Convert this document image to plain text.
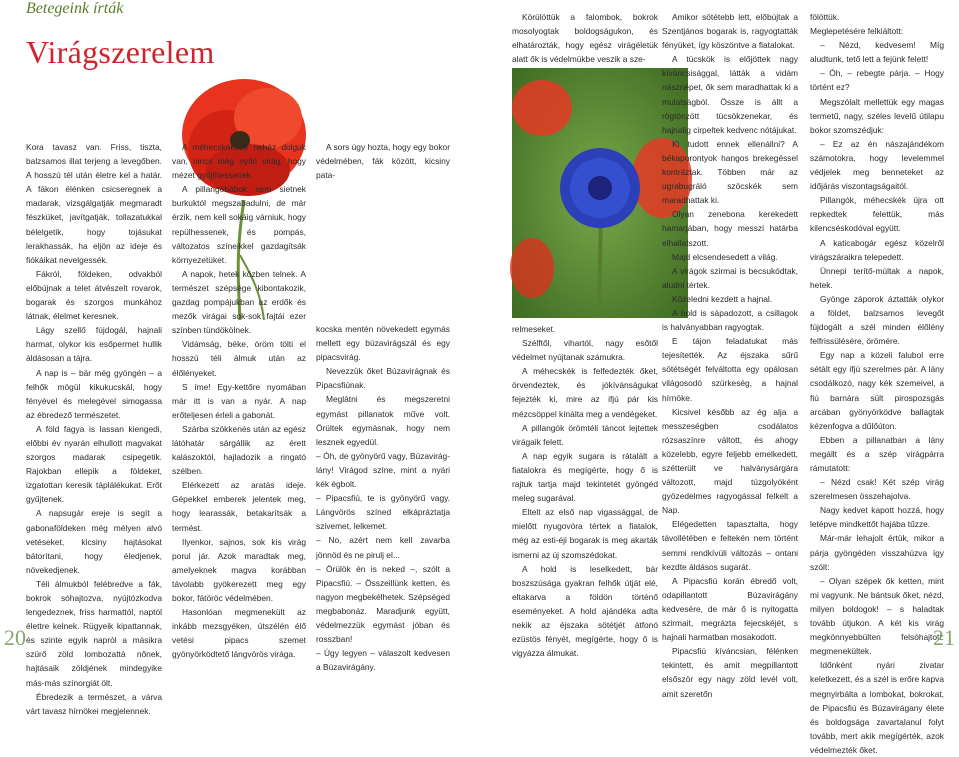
Betegeink írták
Virágszerelem

Kora tavasz van. Friss, tiszta, balzsamos illat terjeng a levegőben. A hosszú tél után életre kel a határ. A fákon élénken csicseregnek a madarak, vizsgálgatják megmaradt fészküket, javítgatják, tollazatukkal bélelgetik, hogy tojásukat lerakhassák, ha eljön az ideje és fiókáikat nevelgessék.

Fákról, földeken, odvakból előbújnak a telet átvészelt rovarok, bogarak és szorgos munkához látnak, élelmet keresnek.

Lágy szellő fújdogál, hajnali harmat, olykor kis esőpermet hullik áldásosan a tájra.

A nap is – bár még gyöngén – a felhők mögül kikukucskál, hogy fényével és melegével simogassa az ébredező természetet.

A föld fagya is lassan kiengedi, előbbi év nyarán elhullott magvakat szorgos madarak csipegetik. Rajokban ellepik a földeket, izgatottan keresik táplálékukat. Erőt gyűjtenek.

A napsugár ereje is segít a gabonaföldeken még mélyen alvó vetéseket, kicsiny hajtásokat bátorítani, hogy éledjenek, növekedjenek.

Téli álmukból felébredve a fák, bokrok sóhajtozva, nyújtózkodva lengedeznek, friss harmattól, naptól élettre kelnek. Rügyeik kipattannak, és szinte egyik napról a másikra szürő zöld lombozattá nőnek, hajtásaik zöldjének mindegyike más-más színorgiát ölt.

Ébredezik a természet, a várva várt tavasz hírnökei megjelennek.

A méhecskéknek nehéz dolguk van, nincs még nyíló virág, hogy mézet gyűjthessenek.

A pillangóbábok sem sietnek burkuktól megszabadulni, de már érzik, nem kell sokáig várniuk, hogy repülhessenek, és pompás, változatos színeikkel gazdagítsák környezetüket.

A napok, hetek közben telnek. A természet szépsége kibontakozik, gazdag pompájukban az erdők és mezők virágai sok-sok fajtái ezer színben tündökölnek.

Vidámság, béke, öröm tölti el hosszú téli álmuk után az élőlényeket.

S íme! Egy-kettőre nyomában már itt is van a nyár. A nap erőteljesen érleli a gabonát.

Szárba szökkenés után az egész látóhatár sárgállik az érett kalászoktól, hajladozik a ringató szélben.

Elérkezett az aratás ideje. Gépekkel emberek jelentek meg, hogy learassák, betakarítsák a termést.

Ilyenkor, sajnos, sok kis virág porul jár. Azok maradtak meg, amelyeknek magva korábban távolabb gyökerezett meg egy bokor, fátöröc védelmében.

Hasonlóan megmenekült az inkább mezsgyéken, útszélén élő vetési pipacs szemet gyönyörködtető lángvörös virága.

A sors úgy hozta, hogy egy bokor védelmében, fák között, kicsiny pata-

kocska mentén növekedett egymás mellett egy búzavirágszál és egy pipacsvirág.

Nevezzük őket Búzavirágnak és Pipacsfiúnak.

Meglátni és megszeretni egymást pillanatok műve volt. Örültek egymásnak, hogy nem lesznek egyedül.

– Óh, de gyönyörű vagy, Búzaviráglány! Virágod színe, mint a nyári kék égbolt.

– Pipacsfiú, te is gyönyörű vagy. Lángvörös színed elkápráztatja szivemet, lelkemet.

– No, azért nem kell zavarba jönnöd és ne pirulj el...

– Örülök én is neked –, szólt a Pipacsfiú. – Összeillünk ketten, és nagyon megbekélhetek. Szépséged megbabonáz. Maradjunk együtt, védelmezzük egymást jóban és rosszban!

– Úgy legyen – válaszolt kedvesen a Búzavirágány.

20

Körülöttük a falombok, bokrok mosolyogtak boldogságukon, és elhatározták, hogy egész virágéletük alatt ők is védelmükbe veszik a sze-

relmeseket.

Szélftől, vihartól, nagy esőtől védelmet nyújtanak számukra.

A méhecskék is felfedezték őket, örvendeztek, és jókívánságukat fejezték ki, mire az ifjú pár kis mézcsöppel kínálta meg a vendégeket.

A pillangók örömtéli táncot lejtettek virágaik felett.

A nap egyik sugara is rátalált a fiatalokra és megígérte, hogy ő is rajtuk tartja majd tekintetét gyöngéd meleg sugarával.

Eltelt az első nap vigassággal, de mielőtt nyugovóra tértek a fiatalok, még az esti-éji bogarak is meg akarták ismerni az új szomszédokat.

A hold is leselkedett, bár boszszúsága gyakran felhők útját elé, eltakarva a földön történő eseményeket. A hold ajándéka adta nekik az éjszaka sötétjét átfonó ezüstös fényét, megígérte, hogy ő is vigyázza álmukat.

Amikor sötétebb lett, előbújtak a Szentjános bogarak is, ragyogtatták fényüket, így köszöntve a fiatalokat.

A tücskök is előjöttek nagy kíváncsisággal, látták a vidám násznépet, ők sem maradhattak ki a mulatságból. Össze is állt a rögtönzött tücsökzenekar, és hajnalig cirpeltek kedvenc nótájukat.

Ki tudott ennek ellenállni? A békaporontyok hangos brekegéssel kontráztak. Többen már az ugrabugráló szöcskék sem maradhattak ki.

Olyan zenebona kerekedett hamarjában, hogy messzi határba elhallatszott.

Majd elcsendesedett a világ.

A virágok szirmai is becsukódtak, aludni tértek.

Közeledni kezdett a hajnal.

A hold is sápadozott, a csillagok is halványabban ragyogtak.

E tájon feladatukat más tejesítették. Az éjszaka sűrű sötétségét felváltotta egy opálosan világosodó szürkeség, a hajnal hírnöke.

Kicsivel később az ég alja a messzeségben csodálatos rózsaszínre váltott, és ahogy közelebb, egyre feljebb emelkedett, szétterült ve halványsárgára változott, majd túzgolyóként gyözedelmes ragyogással felkelt a Nap.

Elégedetten tapasztalta, hogy távollétében e feltekén nem történt semmi rendkívüli változás – ontani kezdte áldásos sugarát.

A Pipacsfiú korán ébredő volt, odapillantott Búzavirágány kedvesére, de már ő is nyitogatta szirmait, megrázta fejecskéjét, s hajnali harmatban mosakodott.

Pipacsfiú kíváncsian, félénken tekintett, és amit megpillantott elsőször egy nagy zöld levél volt, amit szeretőn

fölöttük.

Meglepetésére felkiáltott:

– Nézd, kedvesem! Míg aludtunk, tető lett a fejünk felett!

– Óh, – rebegte párja. – Hogy történt ez?

Megszólalt mellettük egy magas termetű, nagy, széles levelű útilapu bokor szomszédjuk:

– Ez az én nászajándékom számotokra, hogy levelemmel védjelek meg benneteket az időjárás viszontagságaitól.

Pillangók, méhecskék újra ott repkedtek felettük, más kilencséskodóval együtt.

A katicabogár egész közelről virágszáraikra telepedett.

Ünnepi terítő-múltak a napok, hetek.

Gyönge záporok áztatták olykor a földet, balzsamos levegőt fújdogált a szél minden élőlény felfrissülésére, örömére.

Egy nap a közeli falubol erre sétált egy ifjú szerelmes pár. A lány csodálkozó, nagy kék szemeivel, a fiú barnára sült pirospozsgás arcában gyönyörködve ballagtak kézenfogva a dűlőúton.

Ebben a pillanatban a lány megállt és a szép virágpárra rámutatott:

– Nézd csak! Két szép virág szerelmesen összehajolva.

Nagy kedvet kapott hozzá, hogy letépve mindkettőt hajába tűzze.

Már-már lehajolt értük, mikor a párja gyöngéden visszahúzva így szólt:

– Olyan szépek ők ketten, mint mi vagyunk. Ne bántsuk őket, nézd, milyen boldogok! – s haladtak tovább útjukon. A két kis virág megkönnyebbülten felsóhajtott: megmenekültek.

Időnként nyári zivatar keletkezett, és a szél is erőre kapva megnyirbálta a lombokat, bokrokat, de Pipacsfiú és Búzavirágany élete és boldogsága zavartalanul folyt tovább, mert akik megígérték, azok védelmezték őket.

21
